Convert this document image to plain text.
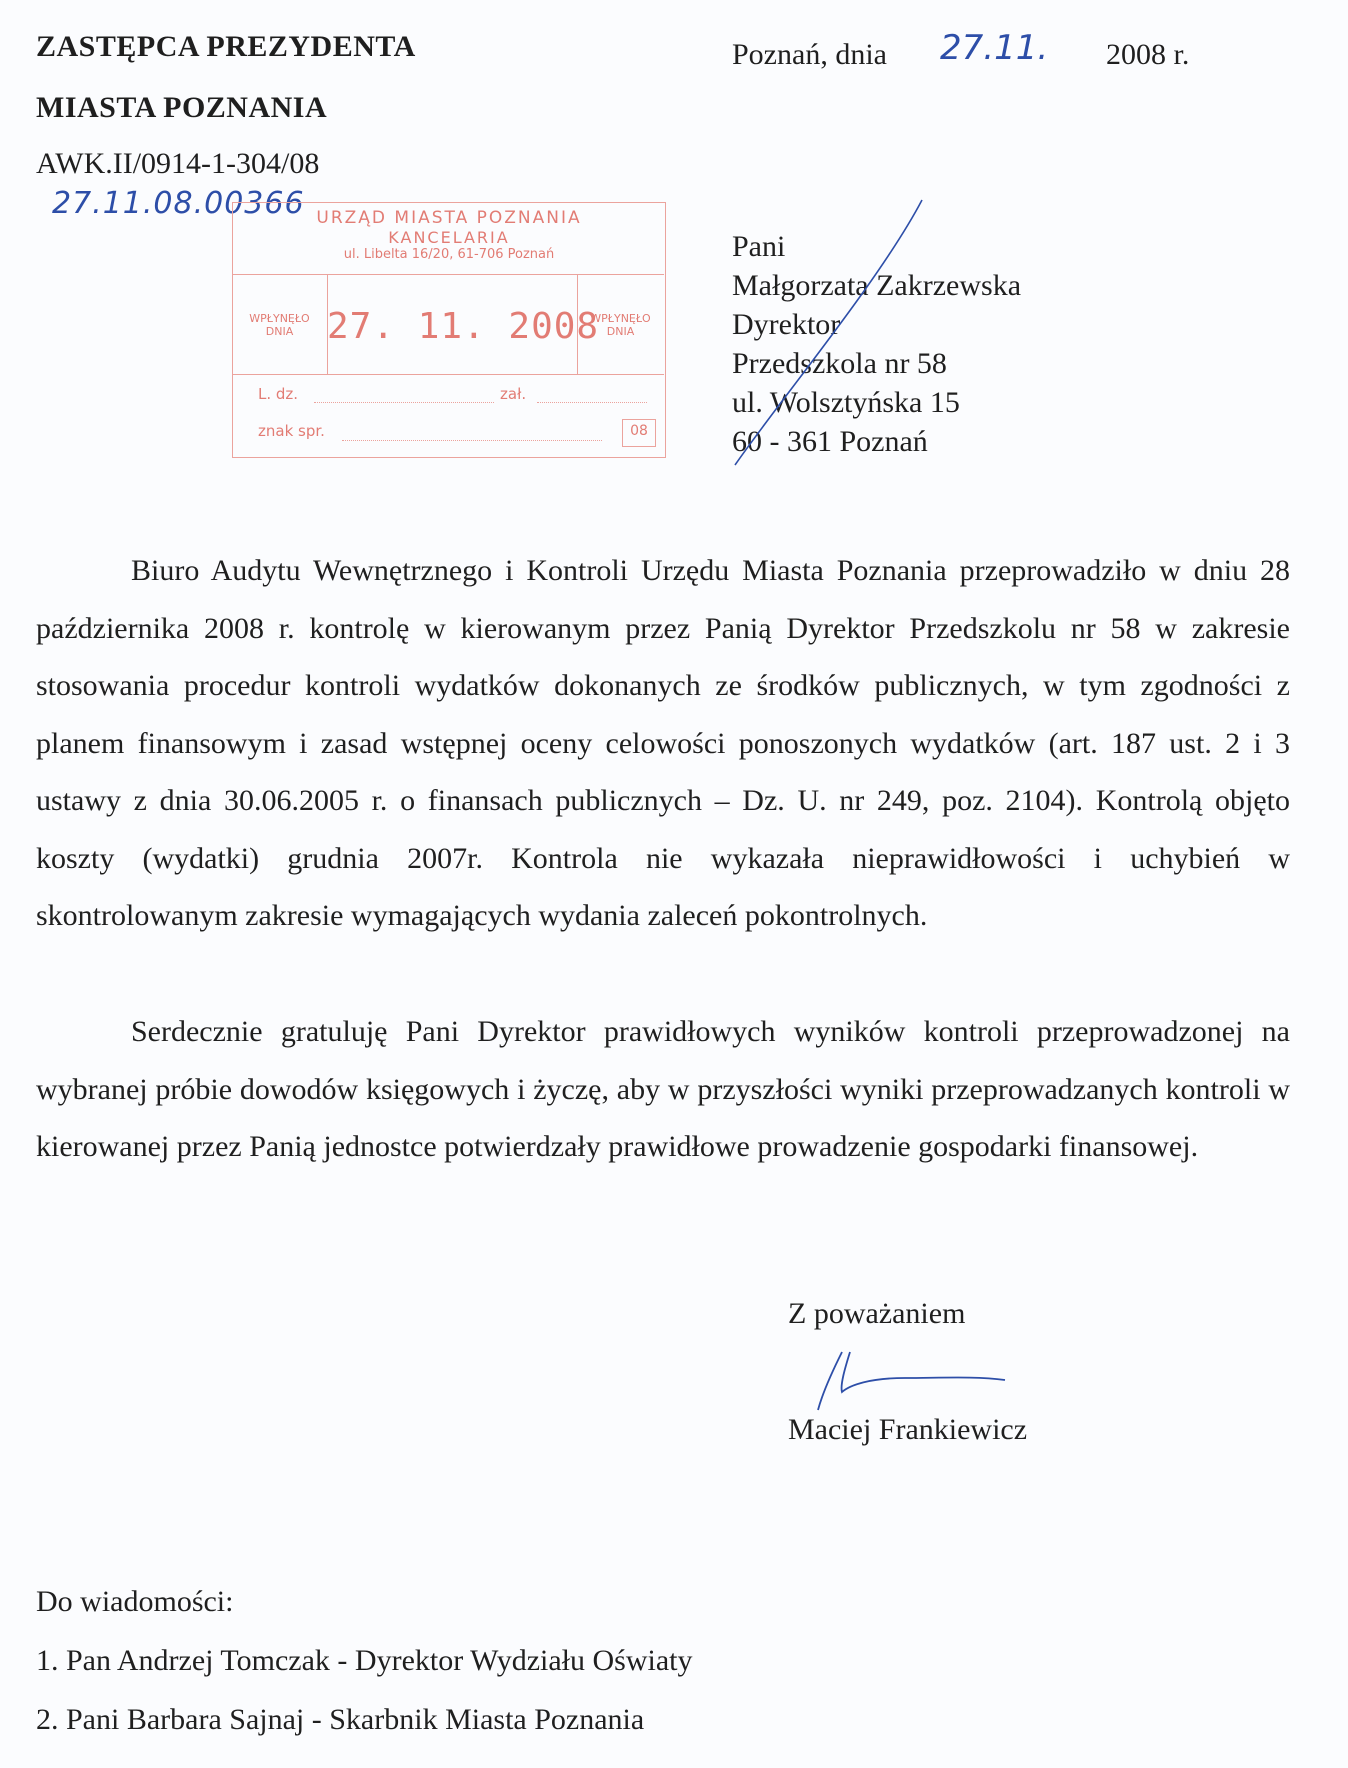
ZASTĘPCA PREZYDENTA
MIASTA POZNANIA
AWK.II/0914-1-304/08
27.11.08.00366
Poznań, dnia 27.11. 2008 r.
URZĄD MIASTA POZNANIA
KANCELARIA
ul. Libelta 16/20, 61-706 Poznań
WPŁYNĘŁO
DNIA
WPŁYNĘŁO
DNIA
27. 11. 2008
L. dz.	zał.
znak spr.	08
Pani
Małgorzata Zakrzewska
Dyrektor
Przedszkola nr 58
ul. Wolsztyńska 15
60 - 361 Poznań

Biuro Audytu Wewnętrznego i Kontroli Urzędu Miasta Poznania przeprowadziło w dniu 28 października 2008 r. kontrolę w kierowanym przez Panią Dyrektor Przedszkolu nr 58 w zakresie stosowania procedur kontroli wydatków dokonanych ze środków publicznych, w tym zgodności z planem finansowym i zasad wstępnej oceny celowości ponoszonych wydatków (art. 187 ust. 2 i 3 ustawy z dnia 30.06.2005 r. o finansach publicznych – Dz. U. nr 249, poz. 2104). Kontrolą objęto koszty (wydatki) grudnia 2007r. Kontrola nie wykazała nieprawidłowości i uchybień w skontrolowanym zakresie wymagających wydania zaleceń pokontrolnych.

Serdecznie gratuluję Pani Dyrektor prawidłowych wyników kontroli przeprowadzonej na wybranej próbie dowodów księgowych i życzę, aby w przyszłości wyniki przeprowadzanych kontroli w kierowanej przez Panią jednostce potwierdzały prawidłowe prowadzenie gospodarki finansowej.

Z poważaniem
Maciej Frankiewicz
Do wiadomości:
1. Pan Andrzej Tomczak - Dyrektor Wydziału Oświaty
2. Pani Barbara Sajnaj - Skarbnik Miasta Poznania
